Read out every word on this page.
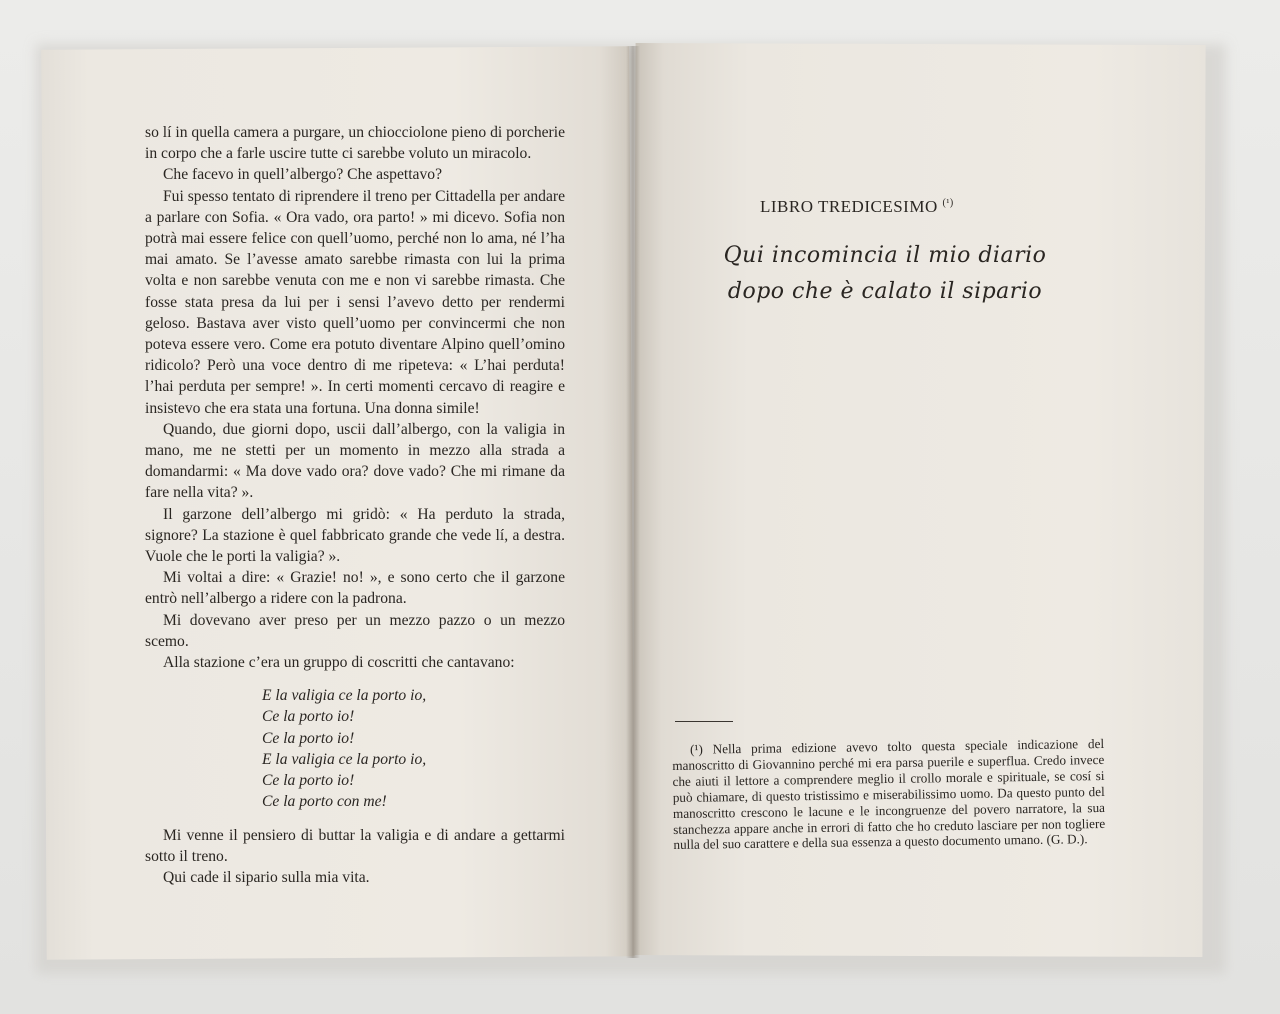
so lí in quella camera a purgare, un chiocciolone pieno di porcherie in corpo che a farle uscire tutte ci sarebbe voluto un miracolo.

Che facevo in quell’albergo? Che aspettavo?

Fui spesso tentato di riprendere il treno per Cittadella per andare a parlare con Sofia. « Ora vado, ora parto! » mi dicevo. Sofia non potrà mai essere felice con quell’uomo, perché non lo ama, né l’ha mai amato. Se l’avesse amato sarebbe rimasta con lui la prima volta e non sarebbe venuta con me e non vi sarebbe rimasta. Che fosse stata presa da lui per i sensi l’avevo detto per rendermi geloso. Bastava aver visto quell’uomo per convincermi che non poteva essere vero. Come era potuto diventare Alpino quell’omino ridicolo? Però una voce dentro di me ripeteva: « L’hai perduta! l’hai perduta per sempre! ». In certi momenti cercavo di reagire e insistevo che era stata una fortuna. Una donna simile!

Quando, due giorni dopo, uscii dall’albergo, con la valigia in mano, me ne stetti per un momento in mezzo alla strada a domandarmi: « Ma dove vado ora? dove vado? Che mi rimane da fare nella vita? ».

Il garzone dell’albergo mi gridò: « Ha perduto la strada, signore? La stazione è quel fabbricato grande che vede lí, a destra. Vuole che le porti la valigia? ».

Mi voltai a dire: « Grazie! no! », e sono certo che il garzone entrò nell’albergo a ridere con la padrona.

Mi dovevano aver preso per un mezzo pazzo o un mezzo scemo.

Alla stazione c’era un gruppo di coscritti che cantavano:

E la valigia ce la porto io,
Ce la porto io!
Ce la porto io!
E la valigia ce la porto io,
Ce la porto io!
Ce la porto con me!

Mi venne il pensiero di buttar la valigia e di andare a gettarmi sotto il treno.

Qui cade il sipario sulla mia vita.

LIBRO TREDICESIMO $^{(^1)}$
Qui incomincia il mio diario
dopo che è calato il sipario

(¹) Nella prima edizione avevo tolto questa speciale indicazione del manoscritto di Giovannino perché mi era parsa puerile e superflua. Credo invece che aiuti il lettore a comprendere meglio il crollo morale e spirituale, se cosí si può chiamare, di questo tristissimo e miserabilissimo uomo. Da questo punto del manoscritto crescono le lacune e le incongruenze del povero narratore, la sua stanchezza appare anche in errori di fatto che ho creduto lasciare per non togliere nulla del suo carattere e della sua essenza a questo documento umano. (G. D.).
